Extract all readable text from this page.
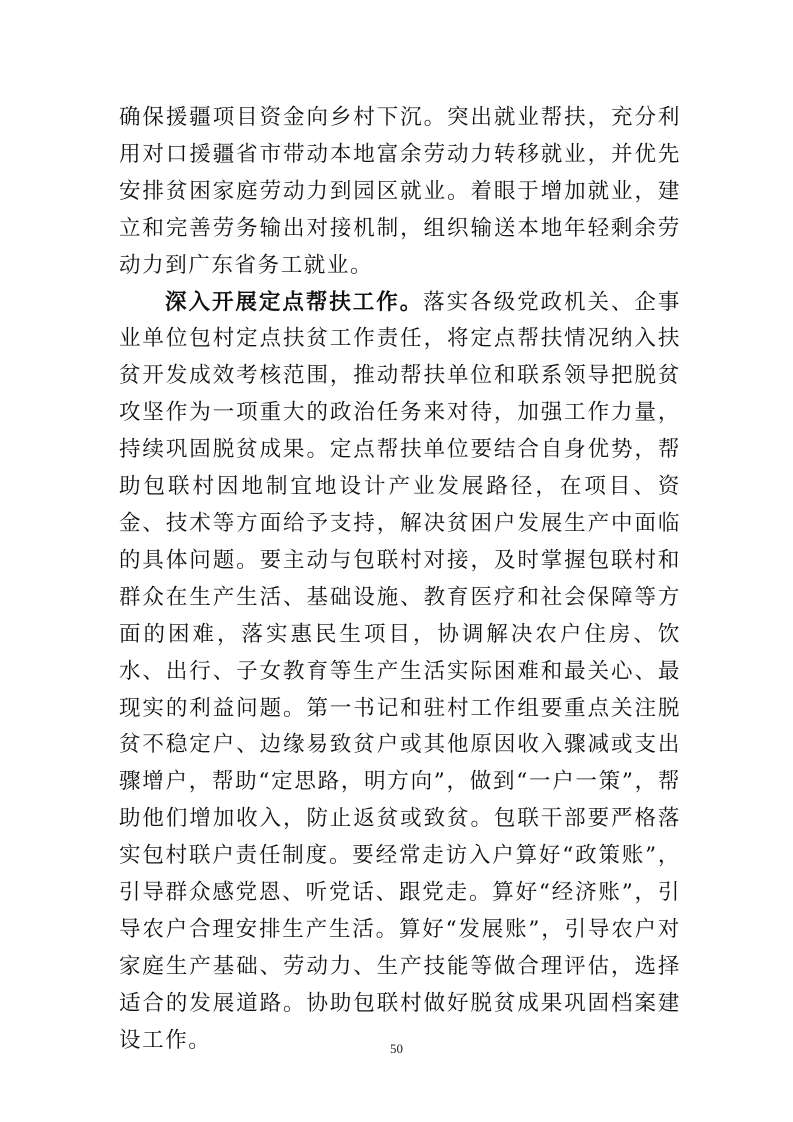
确保援疆项目资金向乡村下沉。突出就业帮扶，充分利用对口援疆省市带动本地富余劳动力转移就业，并优先安排贫困家庭劳动力到园区就业。着眼于增加就业，建立和完善劳务输出对接机制，组织输送本地年轻剩余劳动力到广东省务工就业。

深入开展定点帮扶工作。落实各级党政机关、企事业单位包村定点扶贫工作责任，将定点帮扶情况纳入扶贫开发成效考核范围，推动帮扶单位和联系领导把脱贫攻坚作为一项重大的政治任务来对待，加强工作力量，持续巩固脱贫成果。定点帮扶单位要结合自身优势，帮助包联村因地制宜地设计产业发展路径，在项目、资金、技术等方面给予支持，解决贫困户发展生产中面临的具体问题。要主动与包联村对接，及时掌握包联村和群众在生产生活、基础设施、教育医疗和社会保障等方面的困难，落实惠民生项目，协调解决农户住房、饮水、出行、子女教育等生产生活实际困难和最关心、最现实的利益问题。第一书记和驻村工作组要重点关注脱贫不稳定户、边缘易致贫户或其他原因收入骤减或支出骤增户，帮助“定思路，明方向”，做到“一户一策”，帮助他们增加收入，防止返贫或致贫。包联干部要严格落实包村联户责任制度。要经常走访入户算好“政策账”，引导群众感党恩、听党话、跟党走。算好“经济账”，引导农户合理安排生产生活。算好“发展账”，引导农户对家庭生产基础、劳动力、生产技能等做合理评估，选择适合的发展道路。协助包联村做好脱贫成果巩固档案建设工作。	50
